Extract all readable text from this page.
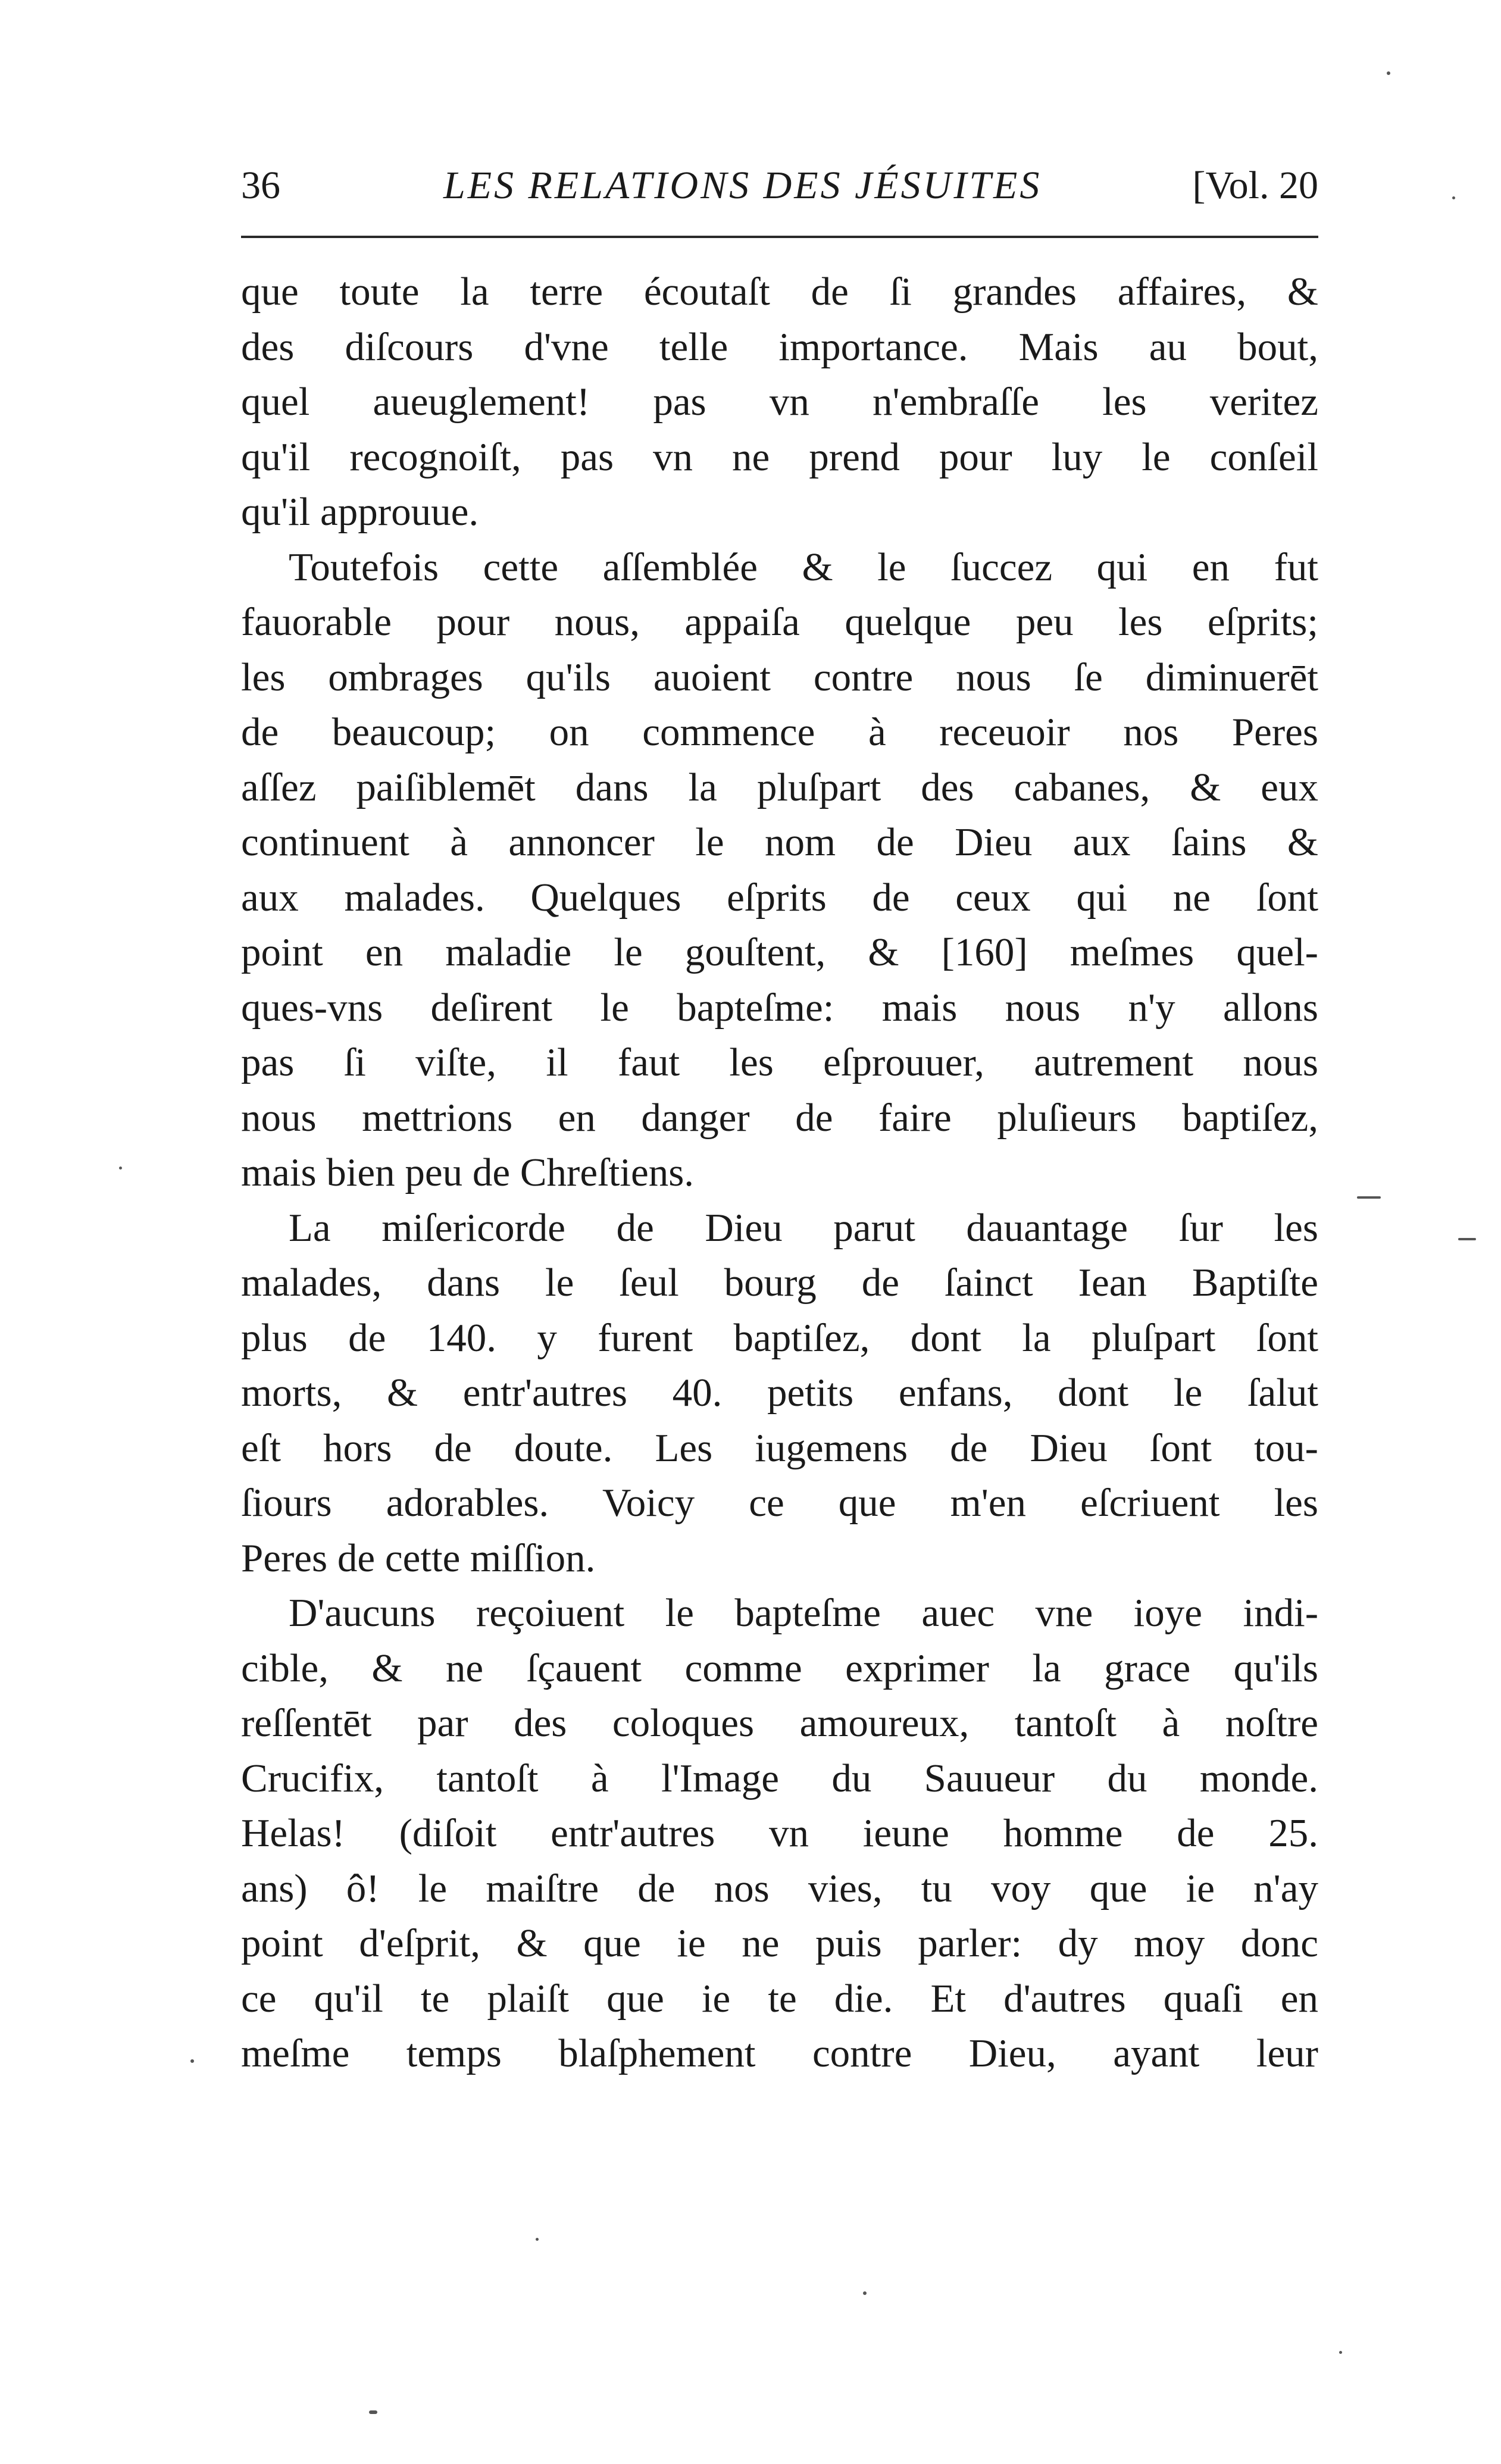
36	LES RELATIONS DES JÉSUITES	[Vol. 20
que toute la terre écoutaſt de ſi grandes affaires, &
des diſcours d'vne telle importance. Mais au bout,
quel aueuglement! pas vn n'embraſſe les veritez
qu'il recognoiſt, pas vn ne prend pour luy le conſeil
qu'il approuue.
Toutefois cette aſſemblée & le ſuccez qui en fut
fauorable pour nous, appaiſa quelque peu les eſprits;
les ombrages qu'ils auoient contre nous ſe diminuerēt
de beaucoup; on commence à receuoir nos Peres
aſſez paiſiblemēt dans la pluſpart des cabanes, & eux
continuent à annoncer le nom de Dieu aux ſains &
aux malades. Quelques eſprits de ceux qui ne ſont
point en maladie le gouſtent, & [160] meſmes quel-
ques-vns deſirent le bapteſme: mais nous n'y allons
pas ſi viſte, il faut les eſprouuer, autrement nous
nous mettrions en danger de faire pluſieurs baptiſez,
mais bien peu de Chreſtiens.
La miſericorde de Dieu parut dauantage ſur les
malades, dans le ſeul bourg de ſainct Iean Baptiſte
plus de 140. y furent baptiſez, dont la pluſpart ſont
morts, & entr'autres 40. petits enfans, dont le ſalut
eſt hors de doute. Les iugemens de Dieu ſont tou-
ſiours adorables. Voicy ce que m'en eſcriuent les
Peres de cette miſſion.
D'aucuns reçoiuent le bapteſme auec vne ioye indi-
cible, & ne ſçauent comme exprimer la grace qu'ils
reſſentēt par des coloques amoureux, tantoſt à noſtre
Crucifix, tantoſt à l'Image du Sauueur du monde.
Helas! (diſoit entr'autres vn ieune homme de 25.
ans) ô! le maiſtre de nos vies, tu voy que ie n'ay
point d'eſprit, & que ie ne puis parler: dy moy donc
ce qu'il te plaiſt que ie te die. Et d'autres quaſi en
meſme temps blaſphement contre Dieu, ayant leur
